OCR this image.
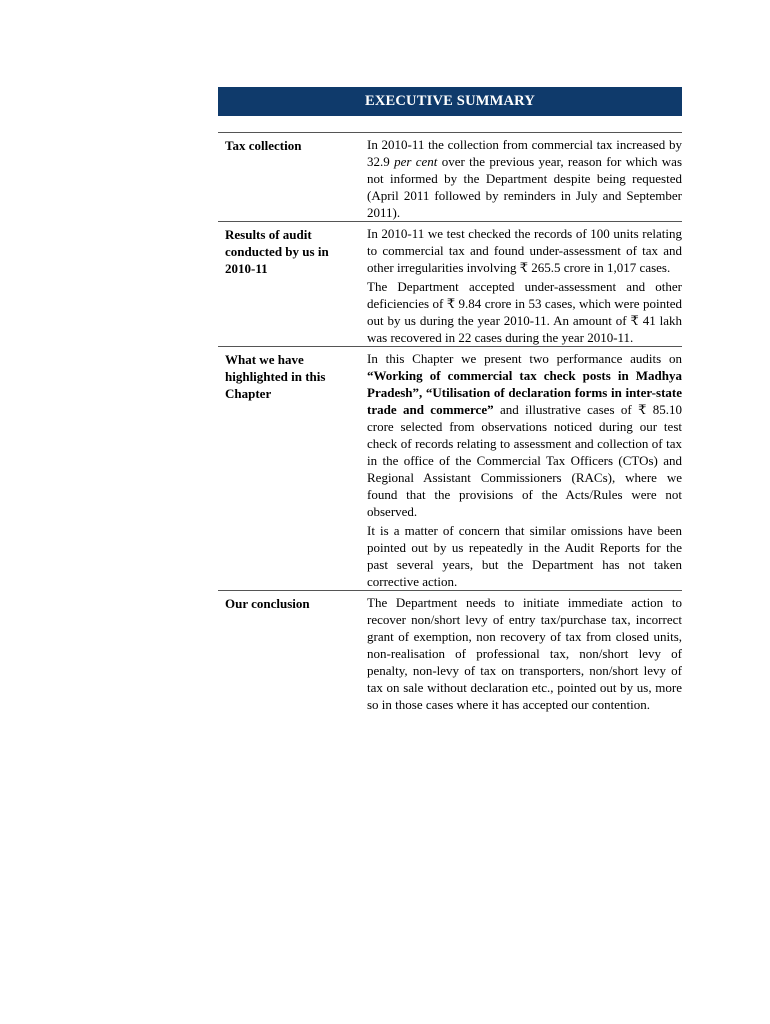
EXECUTIVE SUMMARY
Tax collection	In 2010-11 the collection from commercial tax increased by 32.9 per cent over the previous year, reason for which was not informed by the Department despite being requested (April 2011 followed by reminders in July and September 2011).

Results of audit conducted by us in 2010-11

In 2010-11 we test checked the records of 100 units relating to commercial tax and found under-assessment of tax and other irregularities involving ₹ 265.5 crore in 1,017 cases.

The Department accepted under-assessment and other deficiencies of ₹ 9.84 crore in 53 cases, which were pointed out by us during the year 2010-11. An amount of ₹ 41 lakh was recovered in 22 cases during the year 2010-11.

What we have highlighted in this Chapter

In this Chapter we present two performance audits on “Working of commercial tax check posts in Madhya Pradesh”, “Utilisation of declaration forms in inter-state trade and commerce” and illustrative cases of ₹ 85.10 crore selected from observations noticed during our test check of records relating to assessment and collection of tax in the office of the Commercial Tax Officers (CTOs) and Regional Assistant Commissioners (RACs), where we found that the provisions of the Acts/Rules were not observed.

It is a matter of concern that similar omissions have been pointed out by us repeatedly in the Audit Reports for the past several years, but the Department has not taken corrective action.

Our conclusion	The Department needs to initiate immediate action to recover non/short levy of entry tax/purchase tax, incorrect grant of exemption, non recovery of tax from closed units, non-realisation of professional tax, non/short levy of penalty, non-levy of tax on transporters, non/short levy of tax on sale without declaration etc., pointed out by us, more so in those cases where it has accepted our contention.
